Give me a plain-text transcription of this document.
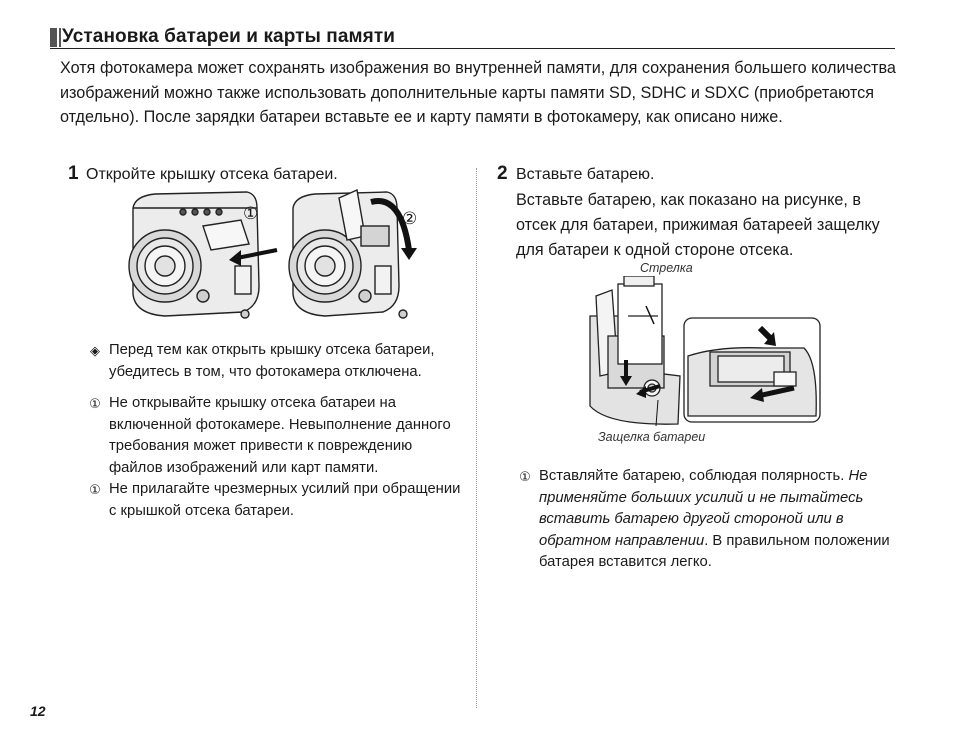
Установка батареи и карты памяти
Хотя фотокамера может сохранять изображения во внутренней памяти, для сохранения большего количества изображений можно также использовать дополнительные карты памяти SD, SDHC и SDXC (приобретаются отдельно). После зарядки батареи вставьте ее и карту памяти в фотокамеру, как описано ниже.
1 Откройте крышку отсека батареи.
①	②
◈ Перед тем как открыть крышку отсека батареи, убедитесь в том, что фотокамера отключена.
① Не открывайте крышку отсека батареи на включенной фотокамере. Невыполнение данного требования может привести к повреждению файлов изображений или карт памяти.
① Не прилагайте чрезмерных усилий при обращении с крышкой отсека батареи.
2 Вставьте батарею.
Вставьте батарею, как показано на рисунке, в отсек для батареи, прижимая батареей защелку для батареи к одной стороне отсека.
Стрелка
Защелка батареи
① Вставляйте батарею, соблюдая полярность. Не применяйте больших усилий и не пытайтесь вставить батарею другой стороной или в обратном направлении. В правильном положении батарея вставится легко.
12
